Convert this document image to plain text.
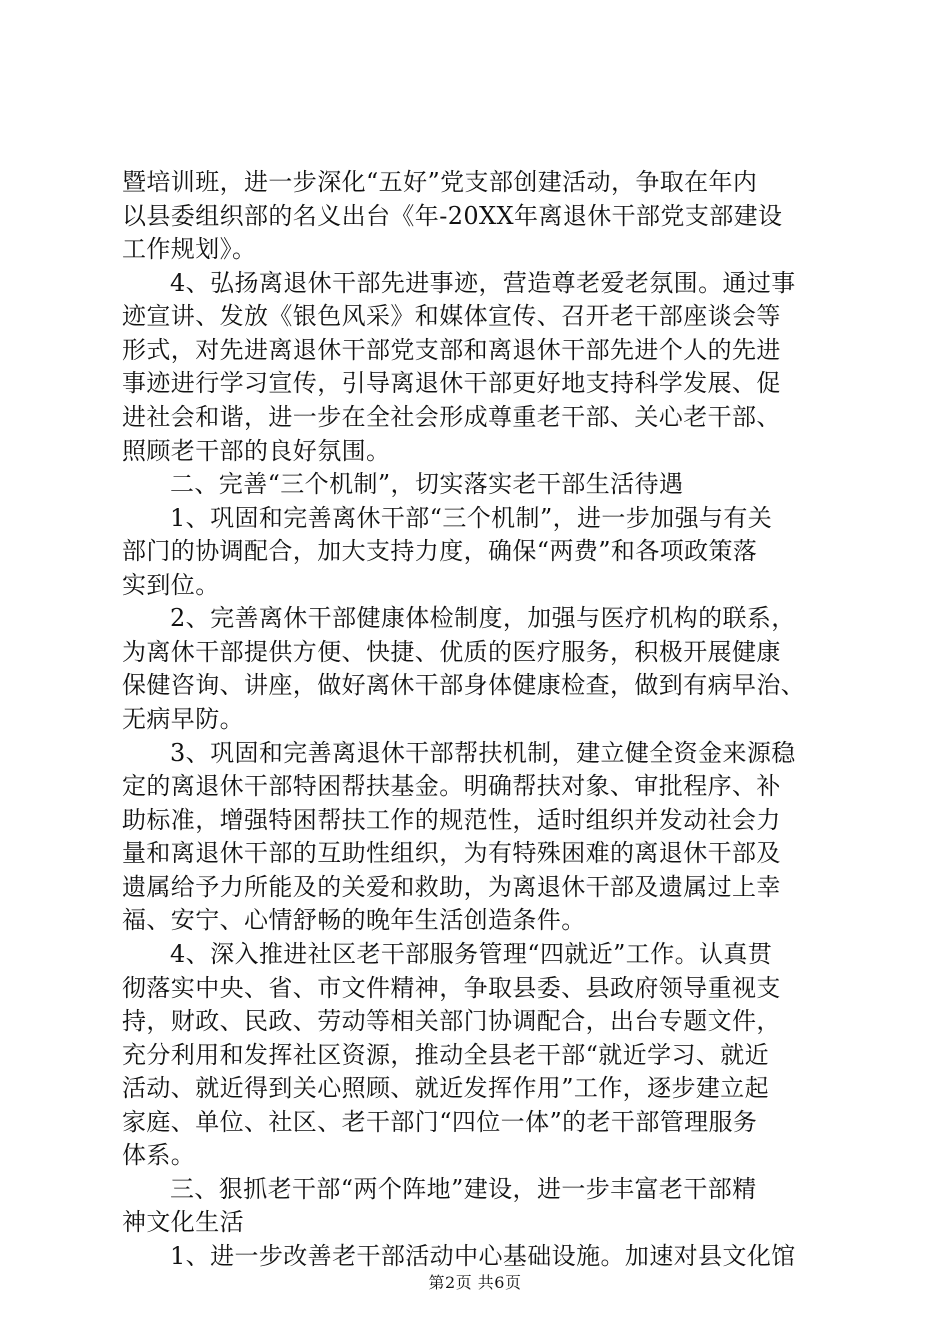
暨培训班，进一步深化“五好”党支部创建活动，争取在年内
以县委组织部的名义出台《年-20XX年离退休干部党支部建设
工作规划》。
4、弘扬离退休干部先进事迹，营造尊老爱老氛围。通过事
迹宣讲、发放《银色风采》和媒体宣传、召开老干部座谈会等
形式，对先进离退休干部党支部和离退休干部先进个人的先进
事迹进行学习宣传，引导离退休干部更好地支持科学发展、促
进社会和谐，进一步在全社会形成尊重老干部、关心老干部、
照顾老干部的良好氛围。
二、完善“三个机制”，切实落实老干部生活待遇
1、巩固和完善离休干部“三个机制”，进一步加强与有关
部门的协调配合，加大支持力度，确保“两费”和各项政策落
实到位。
2、完善离休干部健康体检制度，加强与医疗机构的联系，
为离休干部提供方便、快捷、优质的医疗服务，积极开展健康
保健咨询、讲座，做好离休干部身体健康检查，做到有病早治、
无病早防。
3、巩固和完善离退休干部帮扶机制，建立健全资金来源稳
定的离退休干部特困帮扶基金。明确帮扶对象、审批程序、补
助标准，增强特困帮扶工作的规范性，适时组织并发动社会力
量和离退休干部的互助性组织，为有特殊困难的离退休干部及
遗属给予力所能及的关爱和救助，为离退休干部及遗属过上幸
福、安宁、心情舒畅的晚年生活创造条件。
4、深入推进社区老干部服务管理“四就近”工作。认真贯
彻落实中央、省、市文件精神，争取县委、县政府领导重视支
持，财政、民政、劳动等相关部门协调配合，出台专题文件，
充分利用和发挥社区资源，推动全县老干部“就近学习、就近
活动、就近得到关心照顾、就近发挥作用”工作，逐步建立起
家庭、单位、社区、老干部门“四位一体”的老干部管理服务
体系。
第2页 共6页
三、狠抓老干部“两个阵地”建设，进一步丰富老干部精
神文化生活
1、进一步改善老干部活动中心基础设施。加速对县文化馆
